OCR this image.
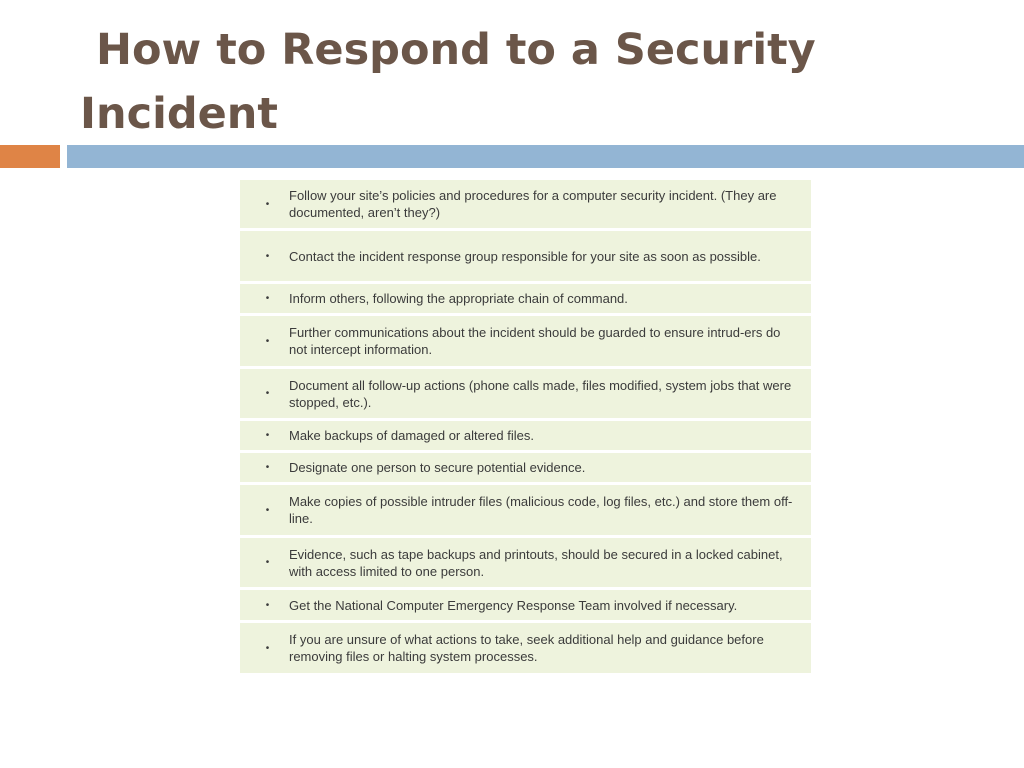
How to Respond to a Security
Incident
•
Follow your site’s policies and procedures for a computer security incident. (They are documented, aren’t they?)
•	Contact the incident response group responsible for your site as soon as possible.
•	Inform others, following the appropriate chain of command.
•
Further communications about the incident should be guarded to ensure intrud-ers do not intercept information.
•
Document all follow-up actions (phone calls made, files modified, system jobs that were stopped, etc.).
•	Make backups of damaged or altered files.
•	Designate one person to secure potential evidence.
•
Make copies of possible intruder files (malicious code, log files, etc.) and store them off-line.
•
Evidence, such as tape backups and printouts, should be secured in a locked cabinet, with access limited to one person.
•	Get the National Computer Emergency Response Team involved if necessary.
•
If you are unsure of what actions to take, seek additional help and guidance before removing files or halting system processes.
